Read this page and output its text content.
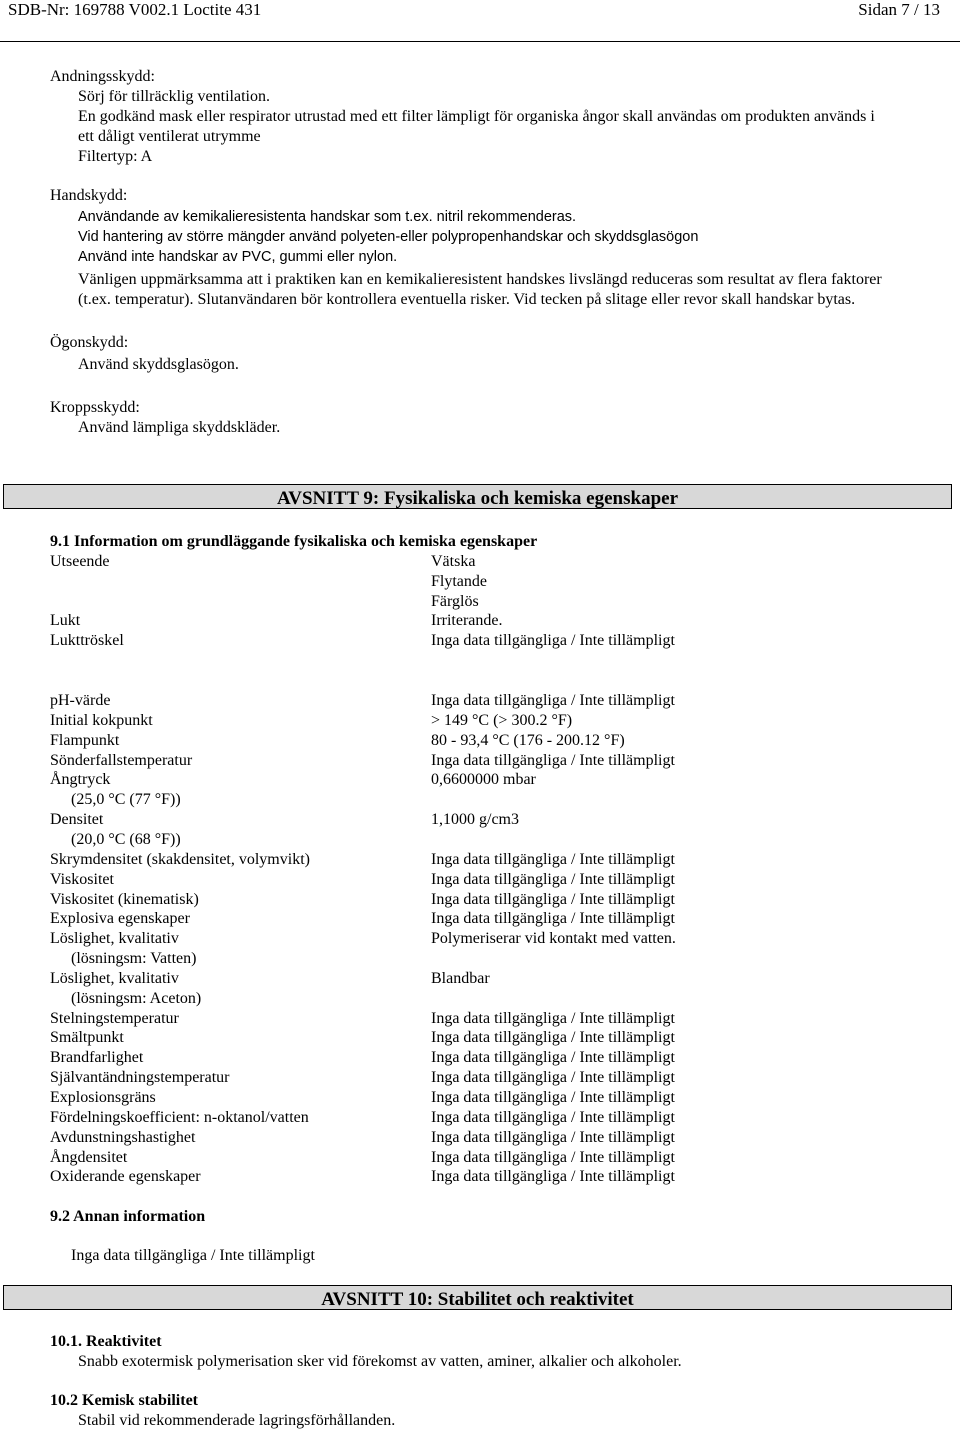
SDB-Nr: 169788 V002.1 Loctite 431	Sidan 7 / 13
Andningsskydd:
Sörj för tillräcklig ventilation.
En godkänd mask eller respirator utrustad med ett filter lämpligt för organiska ångor skall användas om produkten används i
ett dåligt ventilerat utrymme
Filtertyp: A
Handskydd:
Användande av kemikalieresistenta handskar som t.ex. nitril rekommenderas.
Vid hantering av större mängder använd polyeten-eller polypropenhandskar och skyddsglasögon
Använd inte handskar av PVC, gummi eller nylon.
Vänligen uppmärksamma att i praktiken kan en kemikalieresistent handskes livslängd reduceras som resultat av flera faktorer
(t.ex. temperatur). Slutanvändaren bör kontrollera eventuella risker. Vid tecken på slitage eller revor skall handskar bytas.
Ögonskydd:
Använd skyddsglasögon.
Kroppsskydd:
Använd lämpliga skyddskläder.
AVSNITT 9: Fysikaliska och kemiska egenskaper
9.1 Information om grundläggande fysikaliska och kemiska egenskaper
Utseende	Vätska
Flytande
Färglös
Lukt	Irriterande.
Lukttröskel	Inga data tillgängliga / Inte tillämpligt
pH-värde	Inga data tillgängliga / Inte tillämpligt
Initial kokpunkt	> 149 °C (> 300.2 °F)
Flampunkt	80 - 93,4 °C (176 - 200.12 °F)
Sönderfallstemperatur	Inga data tillgängliga / Inte tillämpligt
Ångtryck	0,6600000 mbar
(25,0 °C (77 °F))
Densitet	1,1000 g/cm3
(20,0 °C (68 °F))
Skrymdensitet (skakdensitet, volymvikt)	Inga data tillgängliga / Inte tillämpligt
Viskositet	Inga data tillgängliga / Inte tillämpligt
Viskositet (kinematisk)	Inga data tillgängliga / Inte tillämpligt
Explosiva egenskaper	Inga data tillgängliga / Inte tillämpligt
Löslighet, kvalitativ	Polymeriserar vid kontakt med vatten.
(lösningsm: Vatten)
Löslighet, kvalitativ	Blandbar
(lösningsm: Aceton)
Stelningstemperatur	Inga data tillgängliga / Inte tillämpligt
Smältpunkt	Inga data tillgängliga / Inte tillämpligt
Brandfarlighet	Inga data tillgängliga / Inte tillämpligt
Självantändningstemperatur	Inga data tillgängliga / Inte tillämpligt
Explosionsgräns	Inga data tillgängliga / Inte tillämpligt
Fördelningskoefficient: n-oktanol/vatten	Inga data tillgängliga / Inte tillämpligt
Avdunstningshastighet	Inga data tillgängliga / Inte tillämpligt
Ångdensitet	Inga data tillgängliga / Inte tillämpligt
Oxiderande egenskaper	Inga data tillgängliga / Inte tillämpligt
9.2 Annan information
Inga data tillgängliga / Inte tillämpligt
AVSNITT 10: Stabilitet och reaktivitet
10.1. Reaktivitet
Snabb exotermisk polymerisation sker vid förekomst av vatten, aminer, alkalier och alkoholer.
10.2 Kemisk stabilitet
Stabil vid rekommenderade lagringsförhållanden.
